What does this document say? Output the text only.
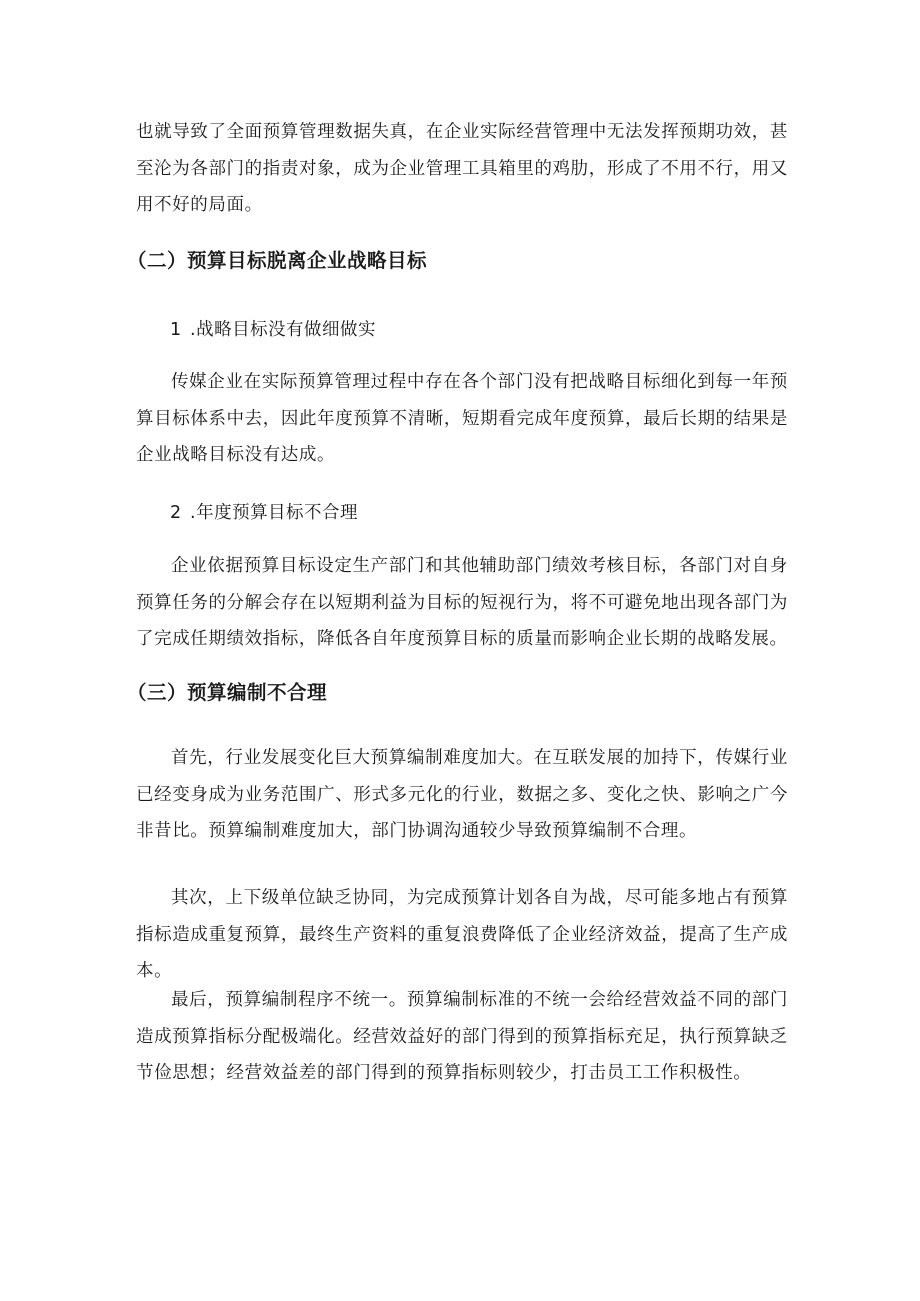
也就导致了全面预算管理数据失真，在企业实际经营管理中无法发挥预期功效，甚至沦为各部门的指责对象，成为企业管理工具箱里的鸡肋，形成了不用不行，用又用不好的局面。

（二）预算目标脱离企业战略目标
1 .战略目标没有做细做实

传媒企业在实际预算管理过程中存在各个部门没有把战略目标细化到每一年预算目标体系中去，因此年度预算不清晰，短期看完成年度预算，最后长期的结果是企业战略目标没有达成。

2 .年度预算目标不合理

企业依据预算目标设定生产部门和其他辅助部门绩效考核目标，各部门对自身预算任务的分解会存在以短期利益为目标的短视行为，将不可避免地出现各部门为了完成任期绩效指标，降低各自年度预算目标的质量而影响企业长期的战略发展。

（三）预算编制不合理

首先，行业发展变化巨大预算编制难度加大。在互联发展的加持下，传媒行业已经变身成为业务范围广、形式多元化的行业，数据之多、变化之快、影响之广今非昔比。预算编制难度加大，部门协调沟通较少导致预算编制不合理。

其次，上下级单位缺乏协同，为完成预算计划各自为战，尽可能多地占有预算指标造成重复预算，最终生产资料的重复浪费降低了企业经济效益，提高了生产成本。

最后，预算编制程序不统一。预算编制标准的不统一会给经营效益不同的部门造成预算指标分配极端化。经营效益好的部门得到的预算指标充足，执行预算缺乏节俭思想；经营效益差的部门得到的预算指标则较少，打击员工工作积极性。
